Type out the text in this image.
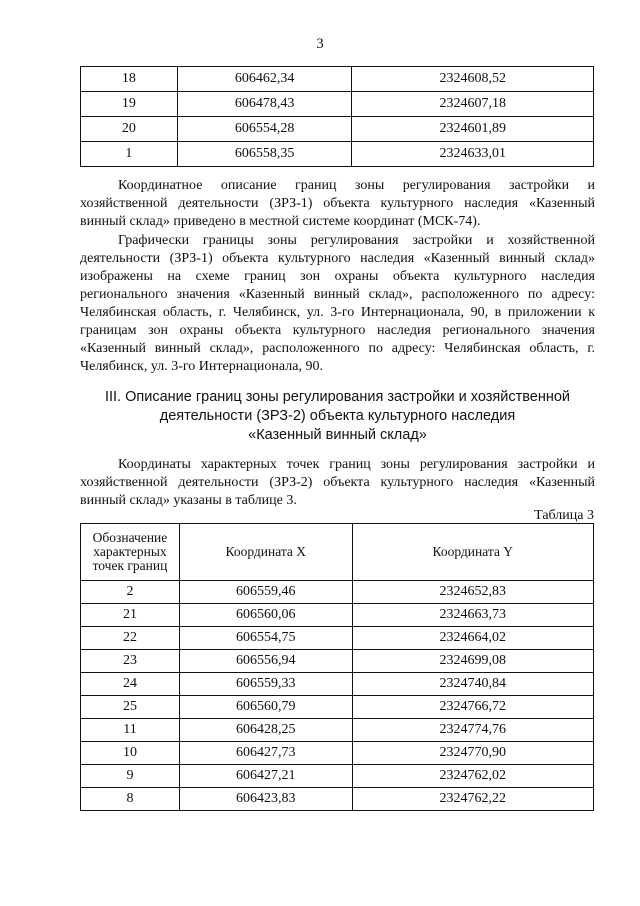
3
18	606462,34	2324608,52
19	606478,43	2324607,18
20	606554,28	2324601,89
1	606558,35	2324633,01

Координатное описание границ зоны регулирования застройки и хозяйственной деятельности (ЗРЗ-1) объекта культурного наследия «Казенный винный склад» приведено в местной системе координат (МСК-74).

Графически границы зоны регулирования застройки и хозяйственной деятельности (ЗРЗ-1) объекта культурного наследия «Казенный винный склад» изображены на схеме границ зон охраны объекта культурного наследия регионального значения «Казенный винный склад», расположенного по адресу: Челябинская область, г. Челябинск, ул. 3-го Интернационала, 90, в приложении к границам зон охраны объекта культурного наследия регионального значения «Казенный винный склад», расположенного по адресу: Челябинская область, г. Челябинск, ул. 3-го Интернационала, 90.

III. Описание границ зоны регулирования застройки и хозяйственной
деятельности (ЗРЗ-2) объекта культурного наследия
«Казенный винный склад»

Координаты характерных точек границ зоны регулирования застройки и хозяйственной деятельности (ЗРЗ-2) объекта культурного наследия «Казенный винный склад» указаны в таблице 3.

Таблица 3
Обозначение характерных точек границ	Координата X	Координата Y
2	606559,46	2324652,83
21	606560,06	2324663,73
22	606554,75	2324664,02
23	606556,94	2324699,08
24	606559,33	2324740,84
25	606560,79	2324766,72
11	606428,25	2324774,76
10	606427,73	2324770,90
9	606427,21	2324762,02
8	606423,83	2324762,22
